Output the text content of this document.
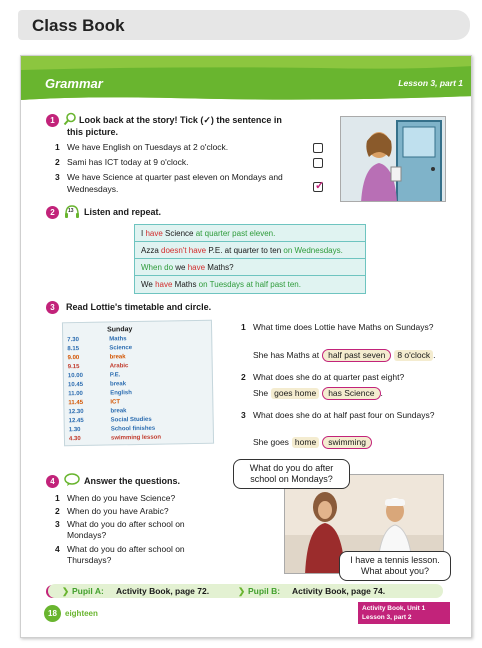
Class Book
Grammar	Lesson 3, part 1
1	Look back at the story! Tick (✓) the sentence in
this picture.
1 We have English on Tuesdays at 2 o'clock.
2 Sami has ICT today at 9 o'clock.
3 We have Science at quarter past eleven on Mondays and Wednesdays.	✓
2	13 Listen and repeat.
I have Science at quarter past eleven.
Azza doesn't have P.E. at quarter to ten on Wednesdays.
When do we have Maths?
We have Maths on Tuesdays at half past ten.
3	Read Lottie's timetable and circle.
Sunday
7.30	Maths
8.15	Science
9.00	break
9.15	Arabic
10.00	P.E.
10.45	break
11.00	English
11.45	ICT
12.30	break
12.45	Social Studies
1.30	School finishes
4.30	swimming lesson
1 What time does Lottie have Maths on Sundays?
She has Maths at half past seven 8 o'clock .
2 What does she do at quarter past eight?
She goes home has Science .
3 What does she do at half past four on Sundays?
She goes home swimming
4	Answer the questions.
1 When do you have Science?
2 When do you have Arabic?
3 What do you do after school on Mondays?
4 What do you do after school on Thursdays?
What do you do after school on Mondays?
I have a tennis lesson. What about you?
❯ Pupil A: Activity Book, page 72.	❯ Pupil B: Activity Book, page 74.
18	eighteen
Activity Book, Unit 1
Lesson 3, part 2
